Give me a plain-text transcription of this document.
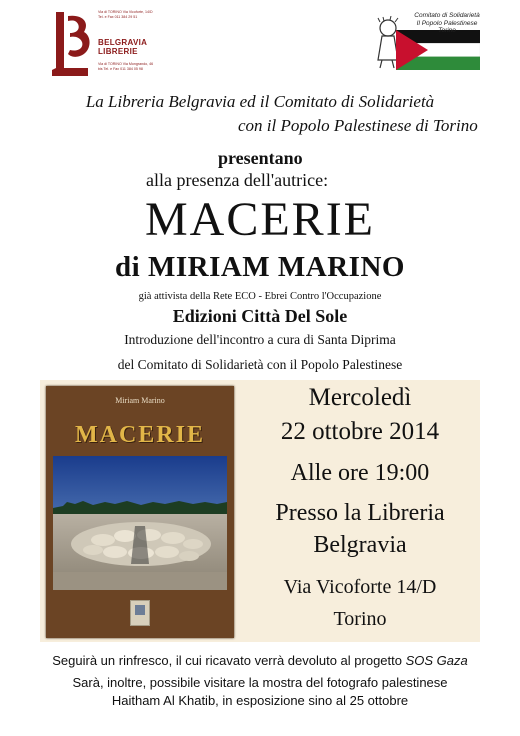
Via di TORINO Via Vicoforte, 14/D Tel. e Fax 011 384 29 51
BELGRAVIA
LIBRERIE
Via di TORINO Via Mongrando, 46 bis Tel. e Fax 011 384 05 98
Comitato di Solidarietà
Il Popolo Palestinese
Torino
La Libreria Belgravia ed il Comitato di Solidarietà
con il Popolo Palestinese di Torino
presentano
alla presenza dell'autrice:
MACERIE
di MIRIAM MARINO
già attivista della Rete ECO - Ebrei Contro l'Occupazione
Edizioni Città Del Sole
Introduzione dell'incontro a cura di Santa Diprima
del Comitato di Solidarietà con il Popolo Palestinese
Miriam Marino
MACERIE
Mercoledì
22 ottobre 2014
Alle ore 19:00
Presso la Libreria
Belgravia
Via Vicoforte 14/D
Torino
Seguirà un rinfresco, il cui ricavato verrà devoluto al progetto SOS Gaza
Sarà, inoltre, possibile visitare la mostra del fotografo palestinese
Haitham Al Khatib, in esposizione sino al 25 ottobre
